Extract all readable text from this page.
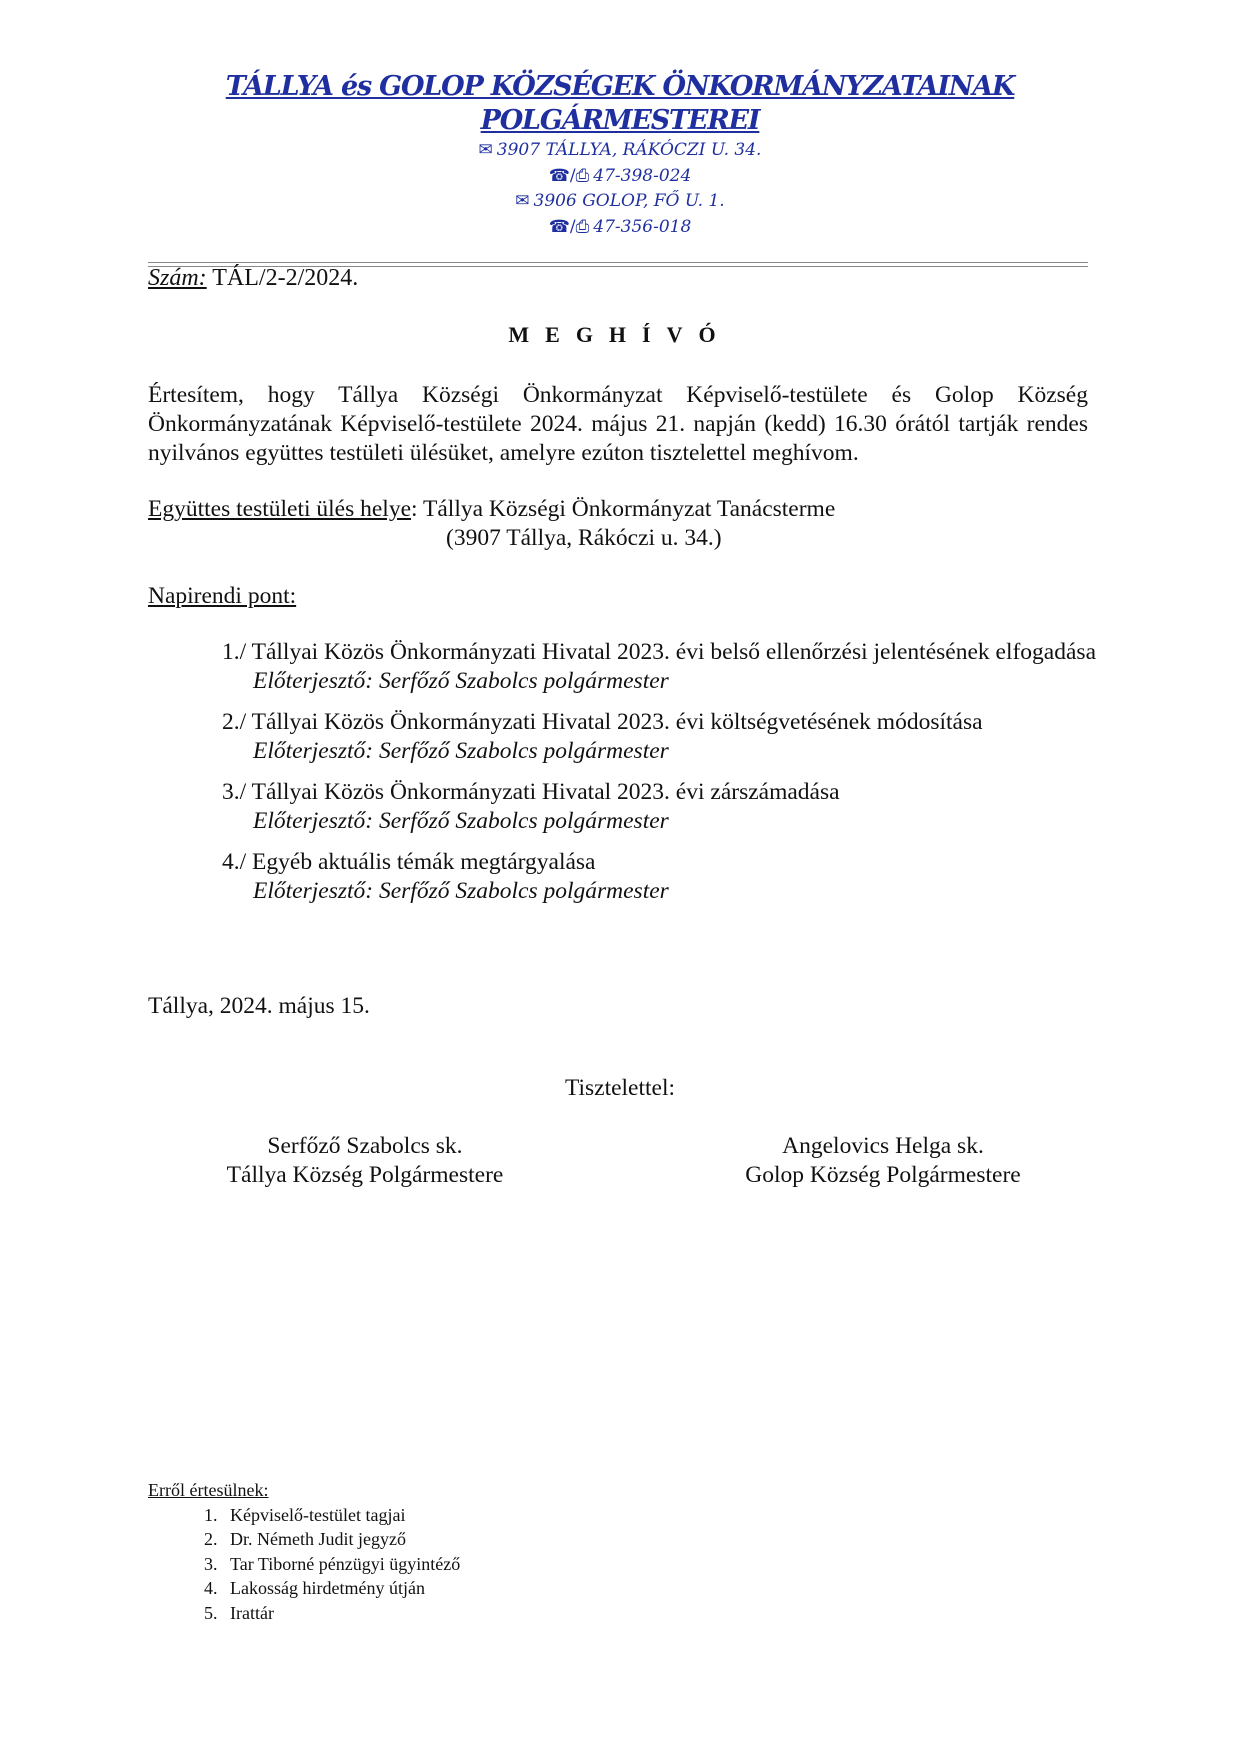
TÁLLYA és GOLOP KÖZSÉGEK ÖNKORMÁNYZATAINAK
POLGÁRMESTEREI
✉ 3907 TÁLLYA, RÁKÓCZI U. 34.
☎/⎙ 47-398-024
✉ 3906 GOLOP, FŐ U. 1.
☎/⎙ 47-356-018
Szám: TÁL/2-2/2024.
MEGHÍVÓ
Értesítem, hogy Tállya Községi Önkormányzat Képviselő-testülete és Golop Község Önkormányzatának Képviselő-testülete 2024. május 21. napján (kedd) 16.30 órától tartják rendes nyilvános együttes testületi ülésüket, amelyre ezúton tisztelettel meghívom.
Együttes testületi ülés helye: Tállya Községi Önkormányzat Tanácsterme
(3907 Tállya, Rákóczi u. 34.)
Napirendi pont:
1./ Tállyai Közös Önkormányzati Hivatal 2023. évi belső ellenőrzési jelentésének elfogadása
Előterjesztő: Serfőző Szabolcs polgármester
2./ Tállyai Közös Önkormányzati Hivatal 2023. évi költségvetésének módosítása
Előterjesztő: Serfőző Szabolcs polgármester
3./ Tállyai Közös Önkormányzati Hivatal 2023. évi zárszámadása
Előterjesztő: Serfőző Szabolcs polgármester
4./ Egyéb aktuális témák megtárgyalása
Előterjesztő: Serfőző Szabolcs polgármester
Tállya, 2024. május 15.
Tisztelettel:
Serfőző Szabolcs sk.
Tállya Község Polgármestere
Angelovics Helga sk.
Golop Község Polgármestere
Erről értesülnek:
1. Képviselő-testület tagjai
2. Dr. Németh Judit jegyző
3. Tar Tiborné pénzügyi ügyintéző
4. Lakosság hirdetmény útján
5. Irattár
